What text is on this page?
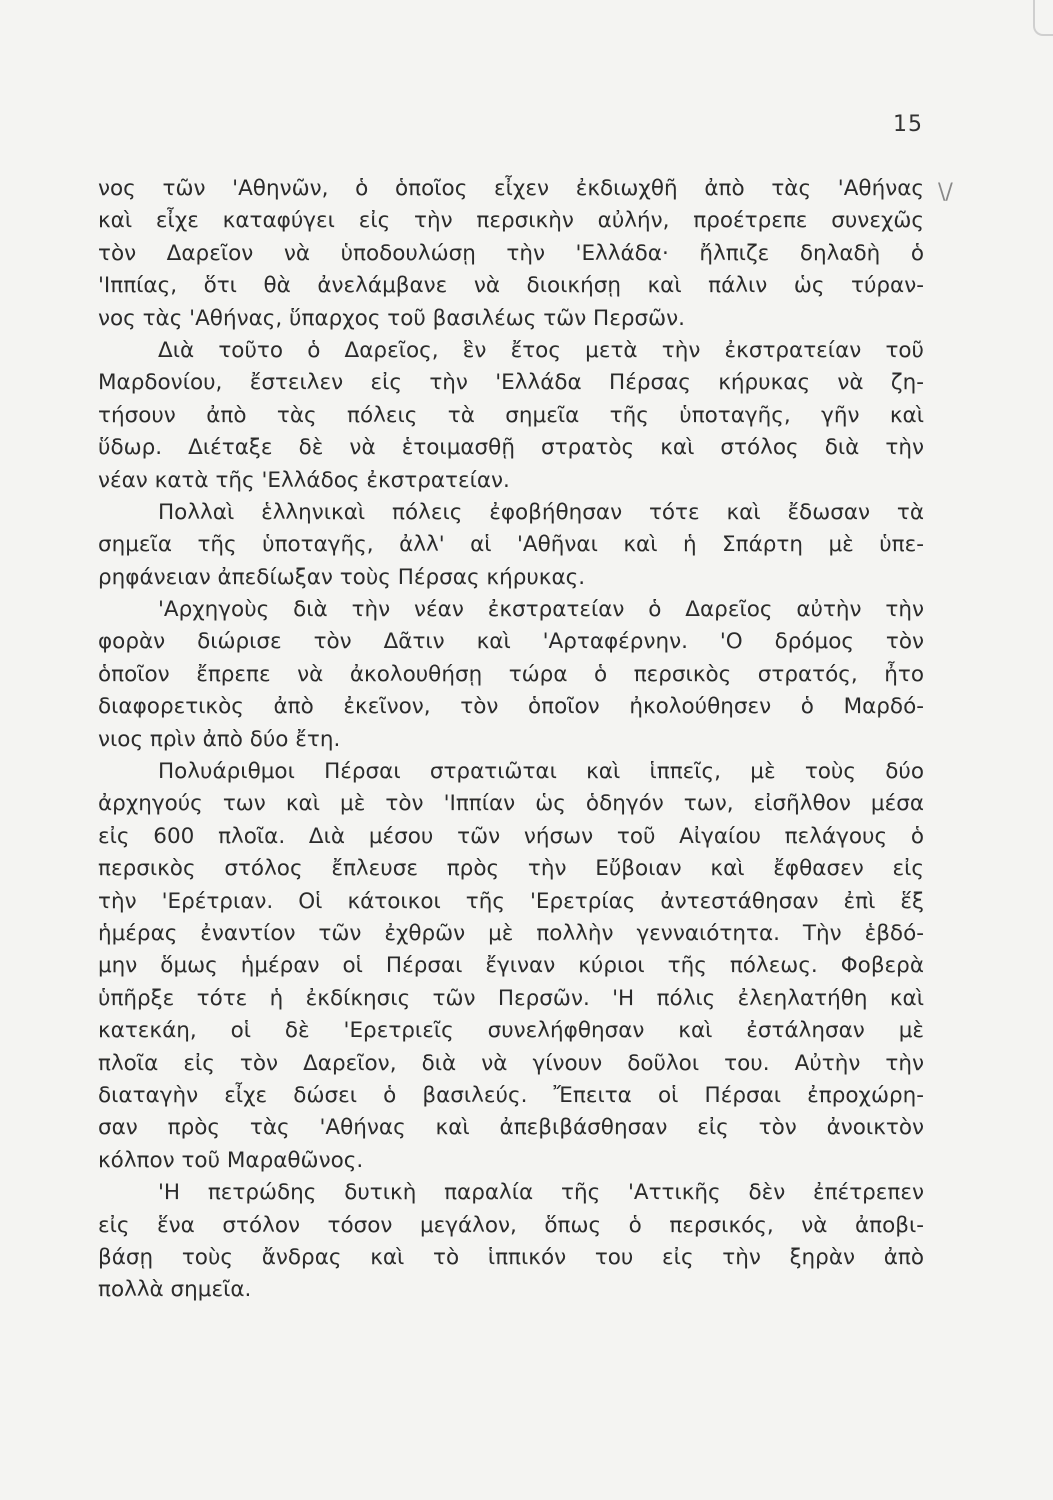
15
\/
νος τῶν 'Αθηνῶν, ὁ ὁποῖος εἶχεν ἐκδιωχθῆ ἀπὸ τὰς 'Αθήνας
καὶ εἶχε καταφύγει εἰς τὴν περσικὴν αὐλήν, προέτρεπε συνεχῶς
τὸν Δαρεῖον νὰ ὑποδουλώσῃ τὴν 'Ελλάδα· ἤλπιζε δηλαδὴ ὁ
'Ιππίας, ὅτι θὰ ἀνελάμβανε νὰ διοικήσῃ καὶ πάλιν ὡς τύραν-
νος τὰς 'Αθήνας, ὕπαρχος τοῦ βασιλέως τῶν Περσῶν.
Διὰ τοῦτο ὁ Δαρεῖος, ἓν ἔτος μετὰ τὴν ἐκστρατείαν τοῦ
Μαρδονίου, ἔστειλεν εἰς τὴν 'Ελλάδα Πέρσας κήρυκας νὰ ζη-
τήσουν ἀπὸ τὰς πόλεις τὰ σημεῖα τῆς ὑποταγῆς, γῆν καὶ
ὕδωρ. Διέταξε δὲ νὰ ἑτοιμασθῇ στρατὸς καὶ στόλος διὰ τὴν
νέαν κατὰ τῆς 'Ελλάδος ἐκστρατείαν.
Πολλαὶ ἑλληνικαὶ πόλεις ἐφοβήθησαν τότε καὶ ἔδωσαν τὰ
σημεῖα τῆς ὑποταγῆς, ἀλλ' αἱ 'Αθῆναι καὶ ἡ Σπάρτη μὲ ὑπε-
ρηφάνειαν ἀπεδίωξαν τοὺς Πέρσας κήρυκας.
'Αρχηγοὺς διὰ τὴν νέαν ἐκστρατείαν ὁ Δαρεῖος αὐτὴν τὴν
φορὰν διώρισε τὸν Δᾶτιν καὶ 'Αρταφέρνην. 'Ο δρόμος τὸν
ὁποῖον ἔπρεπε νὰ ἀκολουθήσῃ τώρα ὁ περσικὸς στρατός, ἦτο
διαφορετικὸς ἀπὸ ἐκεῖνον, τὸν ὁποῖον ἠκολούθησεν ὁ Μαρδό-
νιος πρὶν ἀπὸ δύο ἔτη.
Πολυάριθμοι Πέρσαι στρατιῶται καὶ ἱππεῖς, μὲ τοὺς δύο
ἀρχηγούς των καὶ μὲ τὸν 'Ιππίαν ὡς ὁδηγόν των, εἰσῆλθον μέσα
εἰς 600 πλοῖα. Διὰ μέσου τῶν νήσων τοῦ Αἰγαίου πελάγους ὁ
περσικὸς στόλος ἔπλευσε πρὸς τὴν Εὔβοιαν καὶ ἔφθασεν εἰς
τὴν 'Ερέτριαν. Οἱ κάτοικοι τῆς 'Ερετρίας ἀντεστάθησαν ἐπὶ ἕξ
ἡμέρας ἐναντίον τῶν ἐχθρῶν μὲ πολλὴν γενναιότητα. Τὴν ἑβδό-
μην ὅμως ἡμέραν οἱ Πέρσαι ἔγιναν κύριοι τῆς πόλεως. Φοβερὰ
ὑπῆρξε τότε ἡ ἐκδίκησις τῶν Περσῶν. 'Η πόλις ἐλεηλατήθη καὶ
κατεκάη, οἱ δὲ 'Ερετριεῖς συνελήφθησαν καὶ ἐστάλησαν μὲ
πλοῖα εἰς τὸν Δαρεῖον, διὰ νὰ γίνουν δοῦλοι του. Αὐτὴν τὴν
διαταγὴν εἶχε δώσει ὁ βασιλεύς. Ἔπειτα οἱ Πέρσαι ἐπροχώρη-
σαν πρὸς τὰς 'Αθήνας καὶ ἀπεβιβάσθησαν εἰς τὸν ἀνοικτὸν
κόλπον τοῦ Μαραθῶνος.
'Η πετρώδης δυτικὴ παραλία τῆς 'Αττικῆς δὲν ἐπέτρεπεν
εἰς ἕνα στόλον τόσον μεγάλον, ὅπως ὁ περσικός, νὰ ἀποβι-
βάσῃ τοὺς ἄνδρας καὶ τὸ ἱππικόν του εἰς τὴν ξηρὰν ἀπὸ
πολλὰ σημεῖα.
